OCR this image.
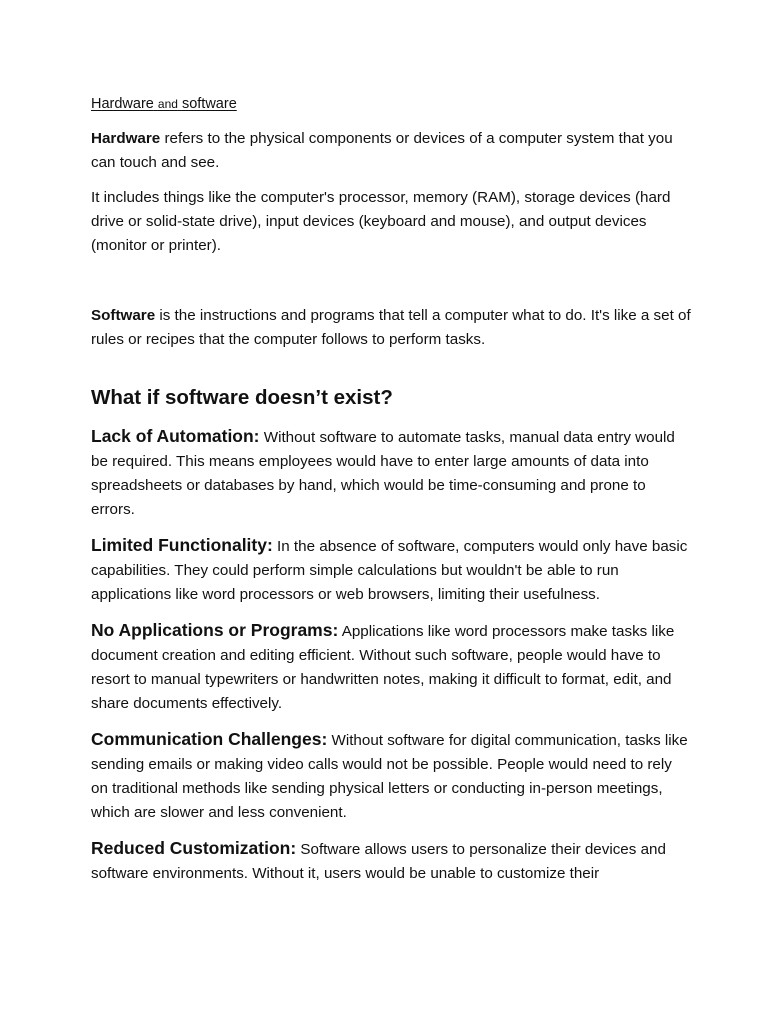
Hardware and software

Hardware refers to the physical components or devices of a computer system that you can touch and see.

It includes things like the computer's processor, memory (RAM), storage devices (hard drive or solid-state drive), input devices (keyboard and mouse), and output devices (monitor or printer).

Software is the instructions and programs that tell a computer what to do. It's like a set of rules or recipes that the computer follows to perform tasks.

What if software doesn’t exist?

Lack of Automation: Without software to automate tasks, manual data entry would be required. This means employees would have to enter large amounts of data into spreadsheets or databases by hand, which would be time-consuming and prone to errors.

Limited Functionality: In the absence of software, computers would only have basic capabilities. They could perform simple calculations but wouldn't be able to run applications like word processors or web browsers, limiting their usefulness.

No Applications or Programs: Applications like word processors make tasks like document creation and editing efficient. Without such software, people would have to resort to manual typewriters or handwritten notes, making it difficult to format, edit, and share documents effectively.

Communication Challenges: Without software for digital communication, tasks like sending emails or making video calls would not be possible. People would need to rely on traditional methods like sending physical letters or conducting in-person meetings, which are slower and less convenient.

Reduced Customization: Software allows users to personalize their devices and software environments. Without it, users would be unable to customize their
